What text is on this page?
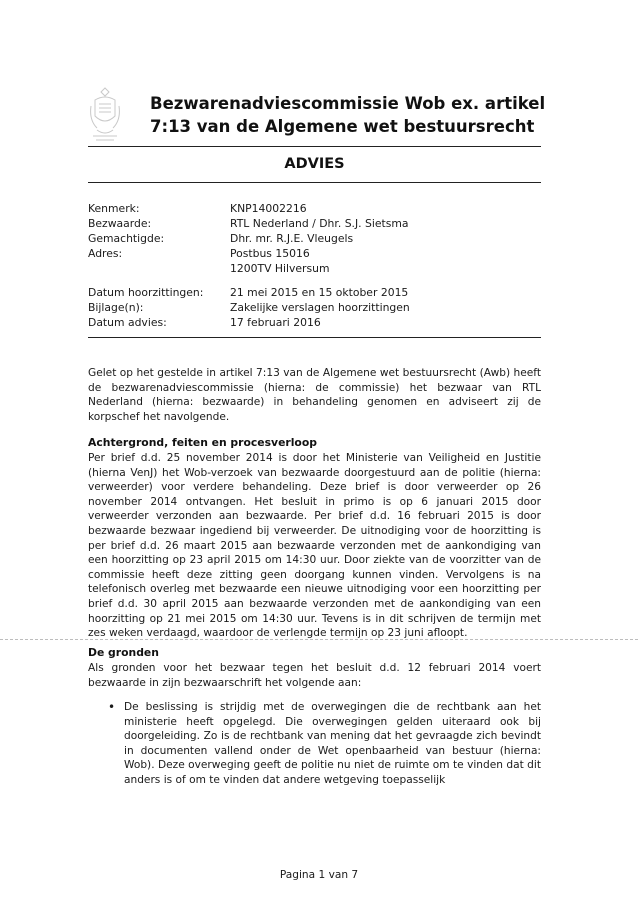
Bezwarenadviescommissie Wob ex. artikel
7:13 van de Algemene wet bestuursrecht
ADVIES
Kenmerk:	KNP14002216
Bezwaarde:	RTL Nederland / Dhr. S.J. Sietsma
Gemachtigde:	Dhr. mr. R.J.E. Vleugels
Adres:	Postbus 15016
1200TV Hilversum
Datum hoorzittingen:	21 mei 2015 en 15 oktober 2015
Bijlage(n):	Zakelijke verslagen hoorzittingen
Datum advies:	17 februari 2016
Gelet op het gestelde in artikel 7:13 van de Algemene wet bestuursrecht (Awb) heeft de bezwarenadviescommissie (hierna: de commissie) het bezwaar van RTL Nederland (hierna: bezwaarde) in behandeling genomen en adviseert zij de korpschef het navolgende.
Achtergrond, feiten en procesverloop
Per brief d.d. 25 november 2014 is door het Ministerie van Veiligheid en Justitie (hierna VenJ) het Wob-verzoek van bezwaarde doorgestuurd aan de politie (hierna: verweerder) voor verdere behandeling. Deze brief is door verweerder op 26 november 2014 ontvangen. Het besluit in primo is op 6 januari 2015 door verweerder verzonden aan bezwaarde. Per brief d.d. 16 februari 2015 is door bezwaarde bezwaar ingediend bij verweerder. De uitnodiging voor de hoorzitting is per brief d.d. 26 maart 2015 aan bezwaarde verzonden met de aankondiging van een hoorzitting op 23 april 2015 om 14:30 uur. Door ziekte van de voorzitter van de commissie heeft deze zitting geen doorgang kunnen vinden. Vervolgens is na telefonisch overleg met bezwaarde een nieuwe uitnodiging voor een hoorzitting per brief d.d. 30 april 2015 aan bezwaarde verzonden met de aankondiging van een hoorzitting op 21 mei 2015 om 14:30 uur. Tevens is in dit schrijven de termijn met zes weken verdaagd, waardoor de verlengde termijn op 23 juni afloopt.
De gronden
Als gronden voor het bezwaar tegen het besluit d.d. 12 februari 2014 voert bezwaarde in zijn bezwaarschrift het volgende aan:
• De beslissing is strijdig met de overwegingen die de rechtbank aan het ministerie heeft opgelegd. Die overwegingen gelden uiteraard ook bij doorgeleiding. Zo is de rechtbank van mening dat het gevraagde zich bevindt in documenten vallend onder de Wet openbaarheid van bestuur (hierna: Wob). Deze overweging geeft de politie nu niet de ruimte om te vinden dat dit anders is of om te vinden dat andere wetgeving toepasselijk
Pagina 1 van 7
